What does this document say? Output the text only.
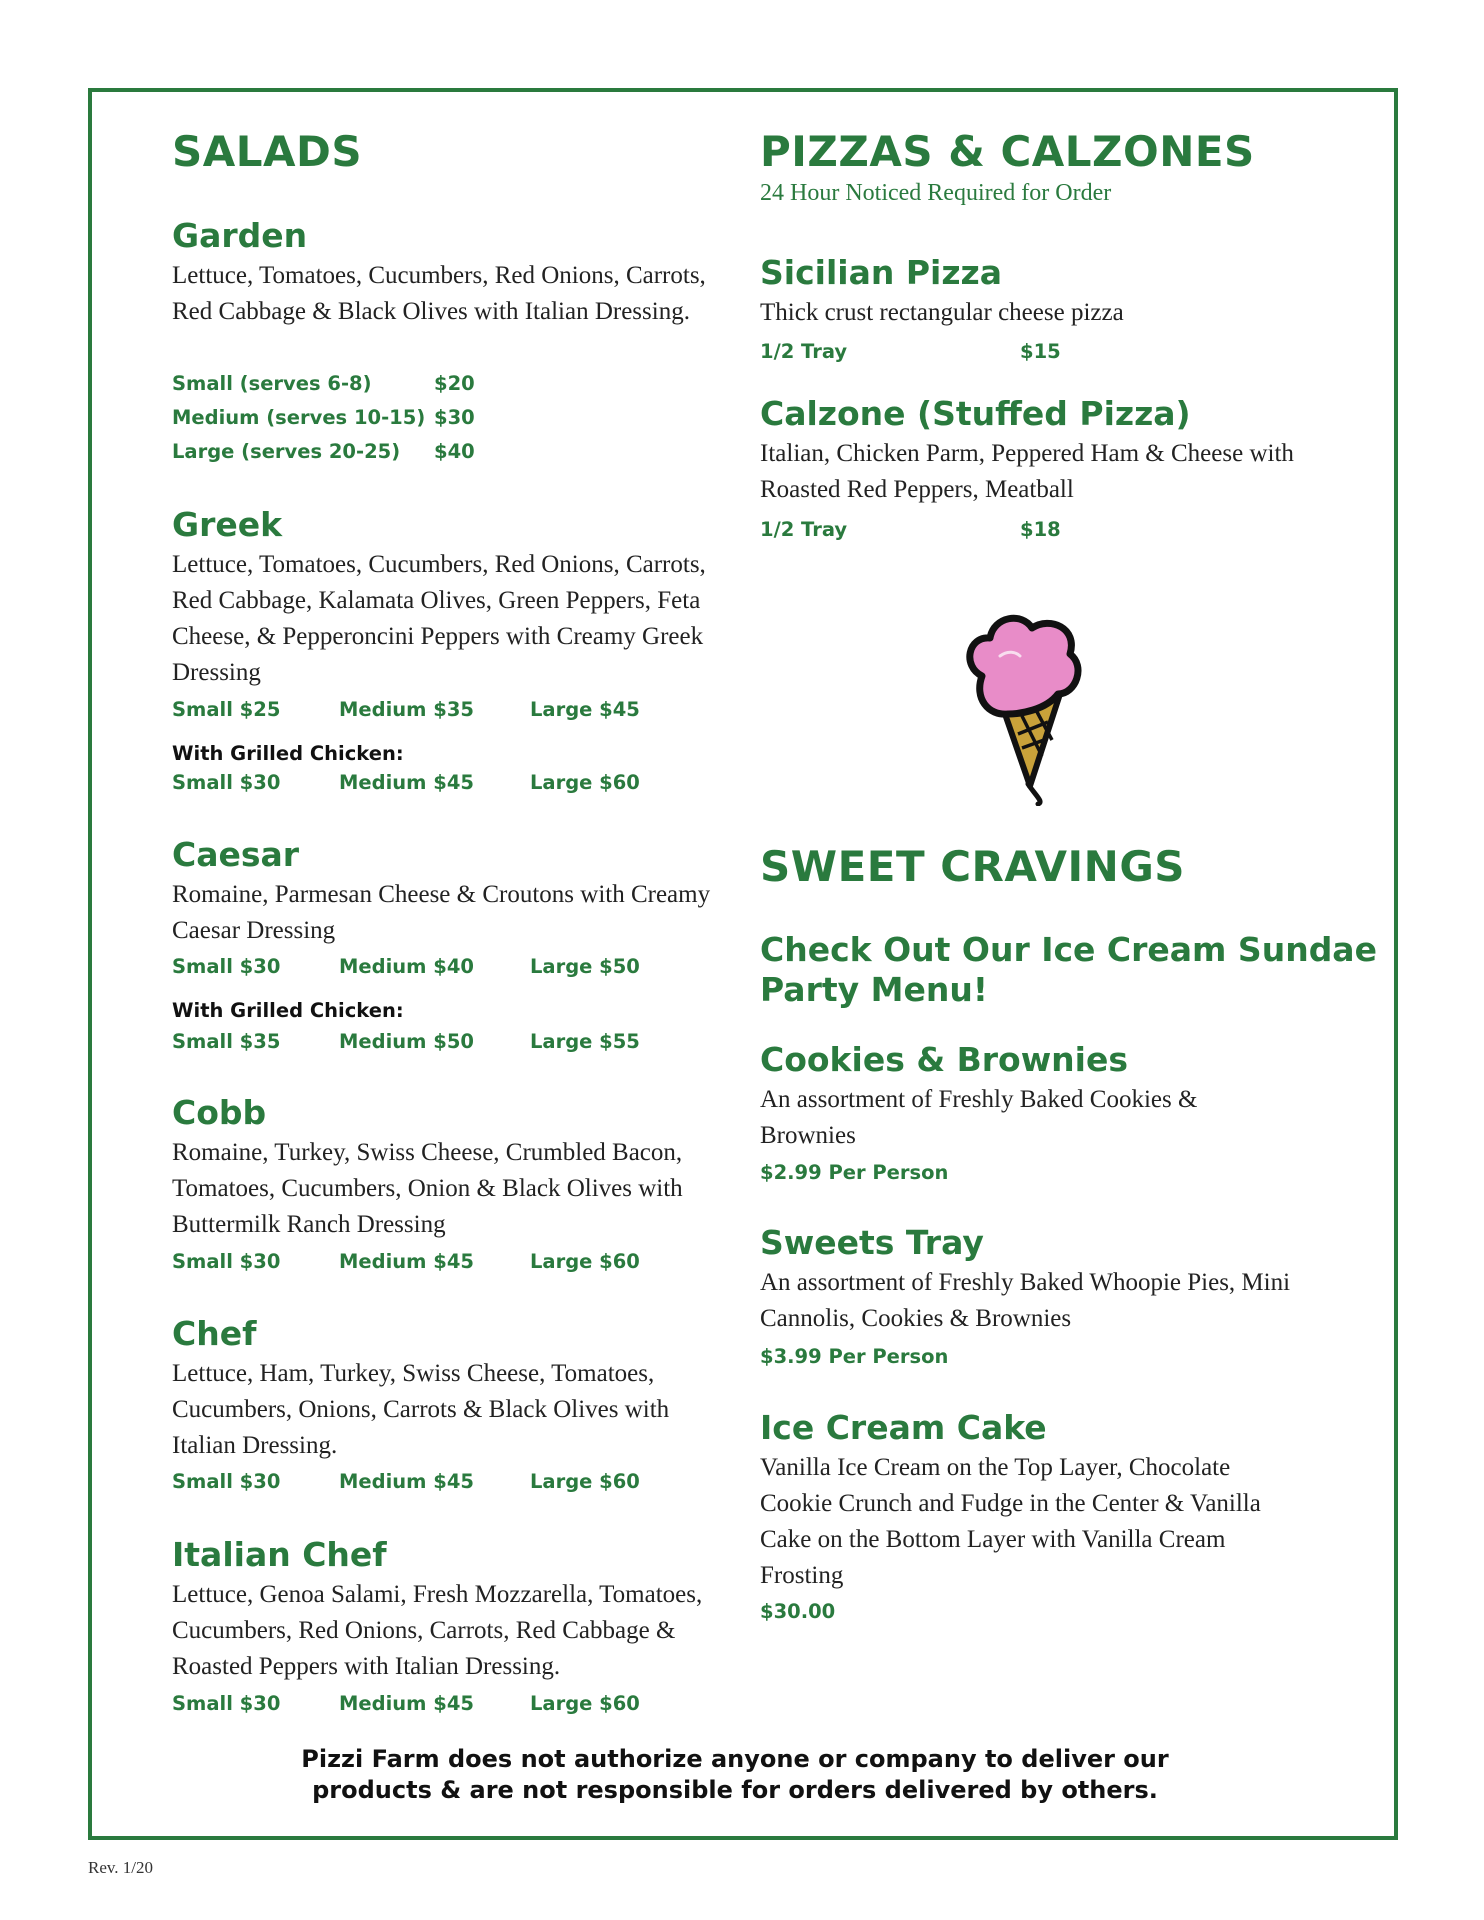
SALADS
Garden
Lettuce, Tomatoes, Cucumbers, Red Onions, Carrots, Red Cabbage & Black Olives with Italian Dressing.
Small (serves 6-8)	$20
Medium (serves 10-15) $30
Large (serves 20-25) $40
Greek
Lettuce, Tomatoes, Cucumbers, Red Onions, Carrots, Red Cabbage, Kalamata Olives, Green Peppers, Feta Cheese, & Pepperoncini Peppers with Creamy Greek Dressing
Small $25	Medium $35	Large $45
With Grilled Chicken:
Small $30	Medium $45	Large $60
Caesar
Romaine, Parmesan Cheese & Croutons with Creamy Caesar Dressing
Small $30	Medium $40	Large $50
With Grilled Chicken:
Small $35	Medium $50	Large $55
Cobb
Romaine, Turkey, Swiss Cheese, Crumbled Bacon, Tomatoes, Cucumbers, Onion & Black Olives with Buttermilk Ranch Dressing
Small $30	Medium $45	Large $60
Chef
Lettuce, Ham, Turkey, Swiss Cheese, Tomatoes, Cucumbers, Onions, Carrots & Black Olives with Italian Dressing.
Small $30	Medium $45	Large $60
Italian Chef
Lettuce, Genoa Salami, Fresh Mozzarella, Tomatoes, Cucumbers, Red Onions, Carrots, Red Cabbage & Roasted Peppers with Italian Dressing.
Small $30	Medium $45	Large $60
PIZZAS & CALZONES
24 Hour Noticed Required for Order
Sicilian Pizza
Thick crust rectangular cheese pizza
1/2 Tray	$15
Calzone (Stuffed Pizza)
Italian, Chicken Parm, Peppered Ham & Cheese with Roasted Red Peppers, Meatball
1/2 Tray	$18
SWEET CRAVINGS
Check Out Our Ice Cream Sundae
Party Menu!
Cookies & Brownies
An assortment of Freshly Baked Cookies & Brownies
$2.99 Per Person
Sweets Tray
An assortment of Freshly Baked Whoopie Pies, Mini Cannolis, Cookies & Brownies
$3.99 Per Person
Ice Cream Cake
Vanilla Ice Cream on the Top Layer, Chocolate Cookie Crunch and Fudge in the Center & Vanilla Cake on the Bottom Layer with Vanilla Cream Frosting
$30.00
Pizzi Farm does not authorize anyone or company to deliver our
products & are not responsible for orders delivered by others.
Rev. 1/20
